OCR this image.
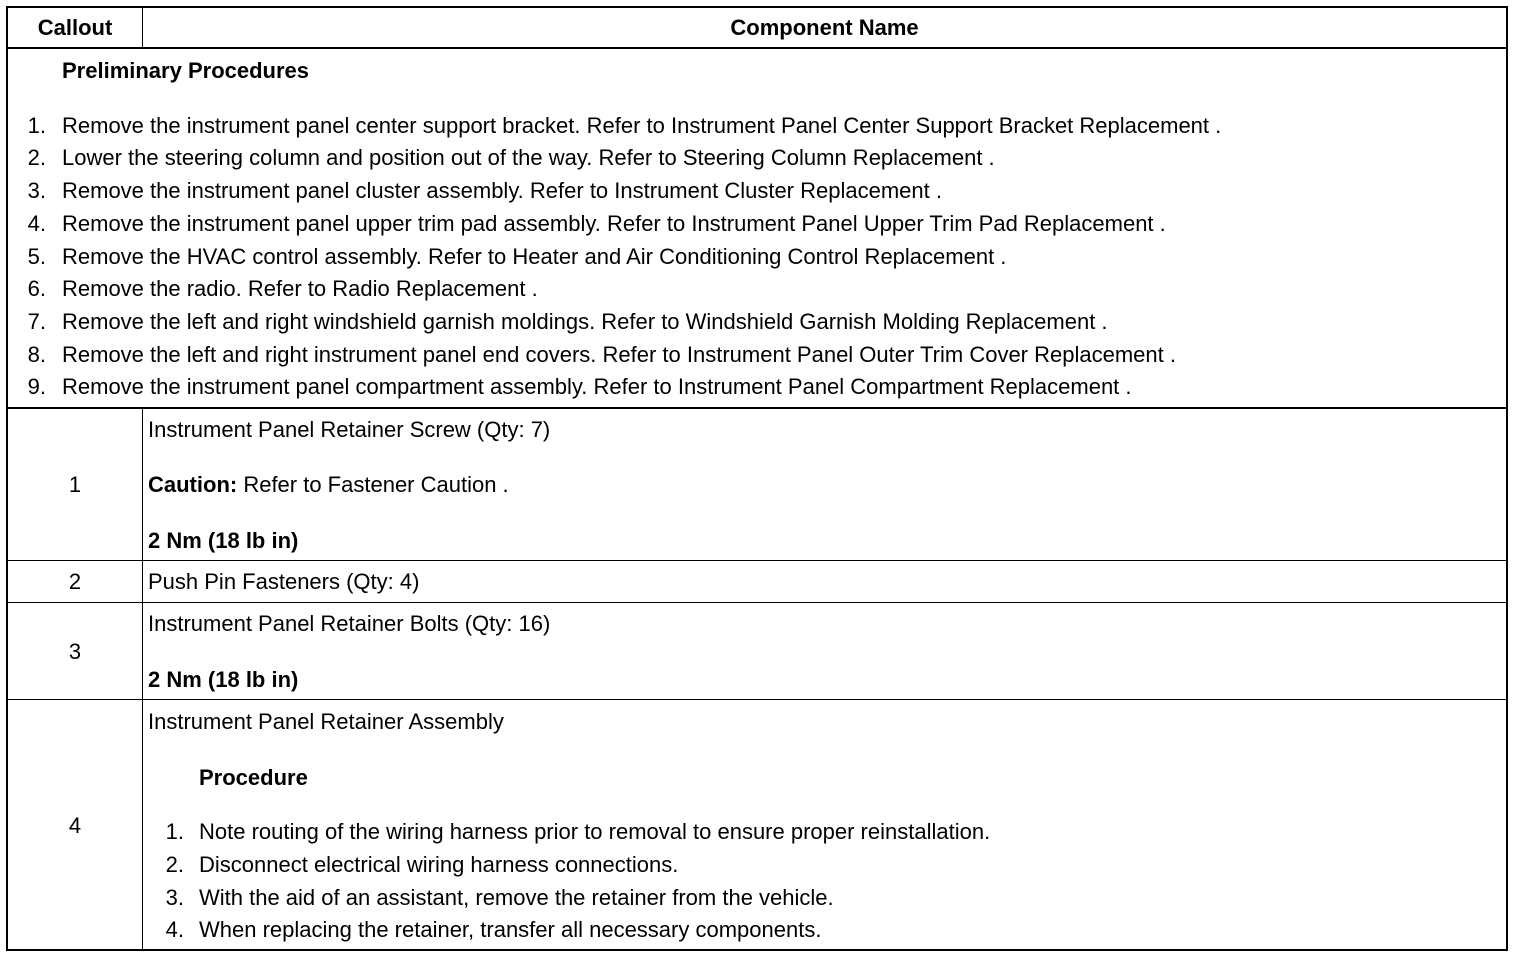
Callout	Component Name
Preliminary Procedures
1. Remove the instrument panel center support bracket. Refer to Instrument Panel Center Support Bracket Replacement .
2. Lower the steering column and position out of the way. Refer to Steering Column Replacement .
3. Remove the instrument panel cluster assembly. Refer to Instrument Cluster Replacement .
4. Remove the instrument panel upper trim pad assembly. Refer to Instrument Panel Upper Trim Pad Replacement .
5. Remove the HVAC control assembly. Refer to Heater and Air Conditioning Control Replacement .
6. Remove the radio. Refer to Radio Replacement .
7. Remove the left and right windshield garnish moldings. Refer to Windshield Garnish Molding Replacement .
8. Remove the left and right instrument panel end covers. Refer to Instrument Panel Outer Trim Cover Replacement .
9. Remove the instrument panel compartment assembly. Refer to Instrument Panel Compartment Replacement .
1
Instrument Panel Retainer Screw (Qty: 7)
Caution: Refer to Fastener Caution .
2 Nm (18 lb in)
2	Push Pin Fasteners (Qty: 4)
3
Instrument Panel Retainer Bolts (Qty: 16)
2 Nm (18 lb in)
4
Instrument Panel Retainer Assembly
Procedure
1. Note routing of the wiring harness prior to removal to ensure proper reinstallation.
2. Disconnect electrical wiring harness connections.
3. With the aid of an assistant, remove the retainer from the vehicle.
4. When replacing the retainer, transfer all necessary components.
